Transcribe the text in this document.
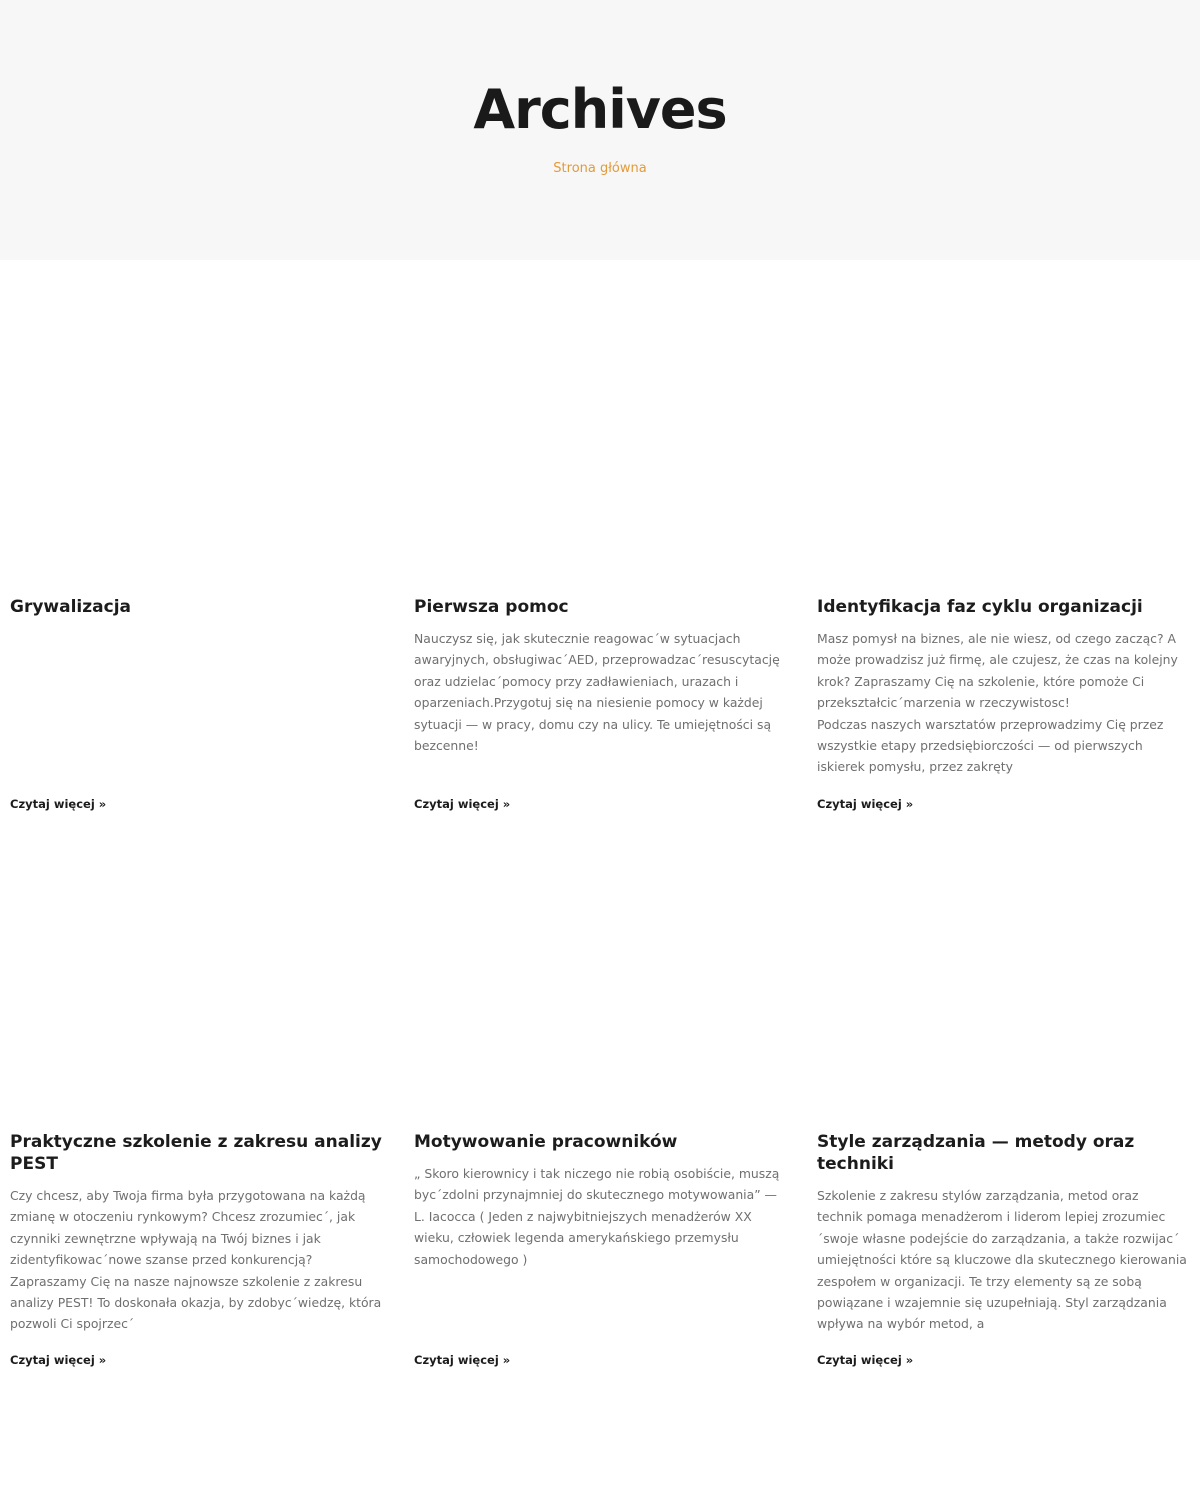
Archives
Strona główna
Grywalizacja

Czytaj więcej »
Pierwsza pomoc

Nauczysz się, jak skutecznie reagowac´w sytuacjach awaryjnych, obsługiwac´AED, przeprowadzac´resuscytację oraz udzielac´pomocy przy zadławieniach, urazach i oparzeniach.Przygotuj się na niesienie pomocy w każdej sytuacji — w pracy, domu czy na ulicy. Te umiejętności są bezcenne!

Czytaj więcej »
Identyfikacja faz cyklu organizacji

Masz pomysł na biznes, ale nie wiesz, od czego zacząc? A może prowadzisz już firmę, ale czujesz, że czas na kolejny krok? Zapraszamy Cię na szkolenie, które pomoże Ci przekształcic´marzenia w rzeczywistosc!
Podczas naszych warsztatów przeprowadzimy Cię przez wszystkie etapy przedsiębiorczości — od pierwszych iskierek pomysłu, przez zakręty

Czytaj więcej »
Praktyczne szkolenie z zakresu analizy PEST

Czy chcesz, aby Twoja firma była przygotowana na każdą zmianę w otoczeniu rynkowym? Chcesz zrozumiec´, jak czynniki zewnętrzne wpływają na Twój biznes i jak zidentyfikowac´nowe szanse przed konkurencją? Zapraszamy Cię na nasze najnowsze szkolenie z zakresu analizy PEST! To doskonała okazja, by zdobyc´wiedzę, która pozwoli Ci spojrzec´

Czytaj więcej »
Motywowanie pracowników

„ Skoro kierownicy i tak niczego nie robią osobiście, muszą byc´zdolni przynajmniej do skutecznego motywowania” — L. Iacocca ( Jeden z najwybitniejszych menadżerów XX wieku, człowiek legenda amerykańskiego przemysłu samochodowego )

Czytaj więcej »
Style zarządzania — metody oraz techniki

Szkolenie z zakresu stylów zarządzania, metod oraz technik pomaga menadżerom i liderom lepiej zrozumiec´swoje własne podejście do zarządzania, a także rozwijac´ umiejętności które są kluczowe dla skutecznego kierowania zespołem w organizacji. Te trzy elementy są ze sobą powiązane i wzajemnie się uzupełniają. Styl zarządzania wpływa na wybór metod, a

Czytaj więcej »
